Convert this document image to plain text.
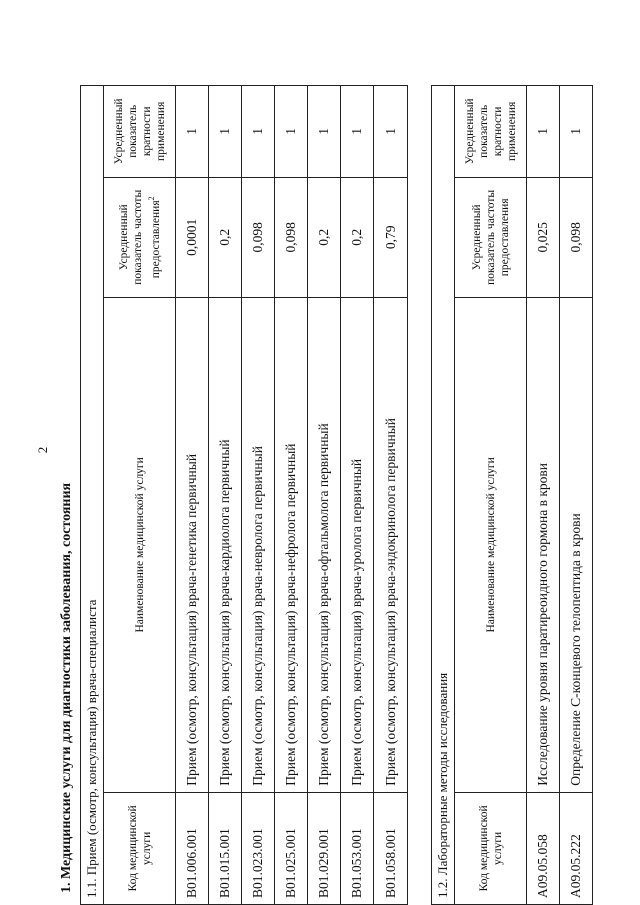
2
1. Медицинские услуги для диагностики заболевания, состояния 1.1. Прием (осмотр, консультация) врача-специалиста			
Код медицинской услуги	Наименование медицинской услуги	Усредненный показатель частоты предоставления$^2$	Усредненный показатель кратности применения
B01.006.001	Прием (осмотр, консультация) врача-генетика первичный	0,0001	1
B01.015.001	Прием (осмотр, консультация) врача-кардиолога первичный	0,2	1
B01.023.001	Прием (осмотр, консультация) врача-невролога первичный	0,098	1
B01.025.001	Прием (осмотр, консультация) врача-нефролога первичный	0,098	1
B01.029.001	Прием (осмотр, консультация) врача-офтальмолога первичный	0,2	1
B01.053.001	Прием (осмотр, консультация) врача-уролога первичный	0,2	1
B01.058.001	Прием (осмотр, консультация) врача-эндокринолога первичный	0,79	1
1.2. Лабораторные методы исследования			
Код медицинской услуги	Наименование медицинской услуги	Усредненный показатель частоты предоставления	Усредненный показатель кратности применения
A09.05.058	Исследование уровня паратиреоидного гормона в крови	0,025	1
A09.05.222	Определение С-концевого телопептида в крови	0,098	1
